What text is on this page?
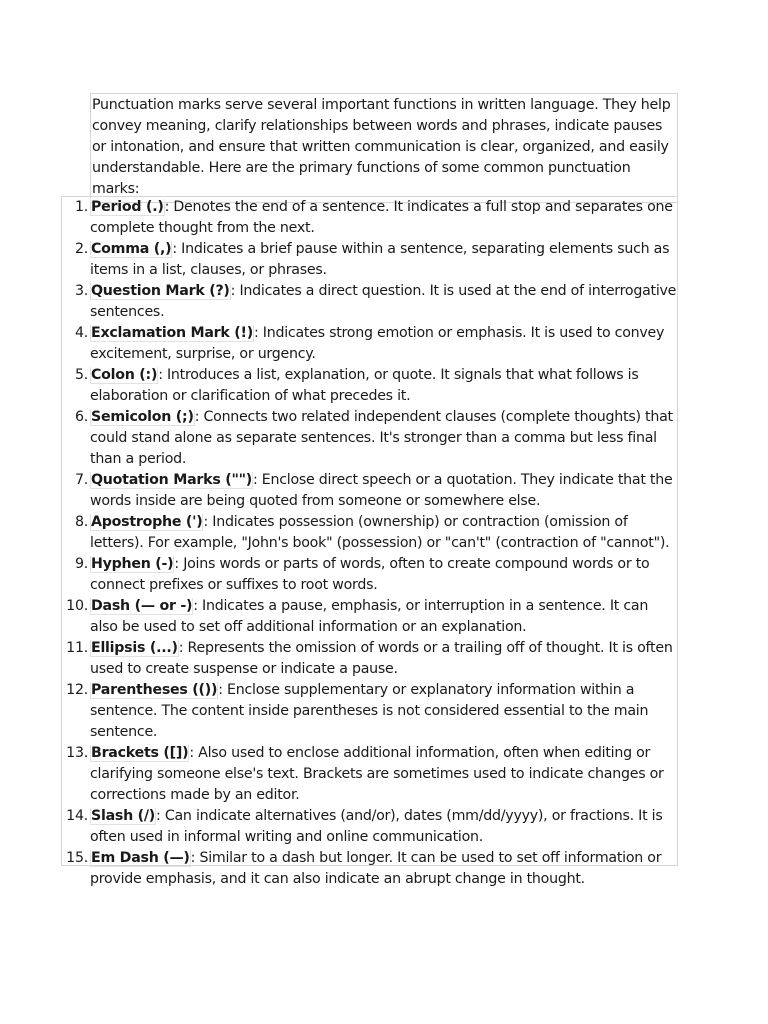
Punctuation marks serve several important functions in written language. They help convey meaning, clarify relationships between words and phrases, indicate pauses or intonation, and ensure that written communication is clear, organized, and easily understandable. Here are the primary functions of some common punctuation marks:
1. Period (.): Denotes the end of a sentence. It indicates a full stop and separates one complete thought from the next.
2. Comma (,): Indicates a brief pause within a sentence, separating elements such as items in a list, clauses, or phrases.
3. Question Mark (?): Indicates a direct question. It is used at the end of interrogative sentences.
4. Exclamation Mark (!): Indicates strong emotion or emphasis. It is used to convey excitement, surprise, or urgency.
5. Colon (:): Introduces a list, explanation, or quote. It signals that what follows is elaboration or clarification of what precedes it.
6. Semicolon (;): Connects two related independent clauses (complete thoughts) that could stand alone as separate sentences. It's stronger than a comma but less final than a period.
7. Quotation Marks (""): Enclose direct speech or a quotation. They indicate that the words inside are being quoted from someone or somewhere else.
8. Apostrophe ('): Indicates possession (ownership) or contraction (omission of letters). For example, "John's book" (possession) or "can't" (contraction of "cannot").
9. Hyphen (-): Joins words or parts of words, often to create compound words or to connect prefixes or suffixes to root words.
10. Dash (— or -): Indicates a pause, emphasis, or interruption in a sentence. It can also be used to set off additional information or an explanation.
11. Ellipsis (...): Represents the omission of words or a trailing off of thought. It is often used to create suspense or indicate a pause.
12. Parentheses (()): Enclose supplementary or explanatory information within a sentence. The content inside parentheses is not considered essential to the main sentence.
13. Brackets ([]): Also used to enclose additional information, often when editing or clarifying someone else's text. Brackets are sometimes used to indicate changes or corrections made by an editor.
14. Slash (/): Can indicate alternatives (and/or), dates (mm/dd/yyyy), or fractions. It is often used in informal writing and online communication.
15. Em Dash (—): Similar to a dash but longer. It can be used to set off information or provide emphasis, and it can also indicate an abrupt change in thought.
